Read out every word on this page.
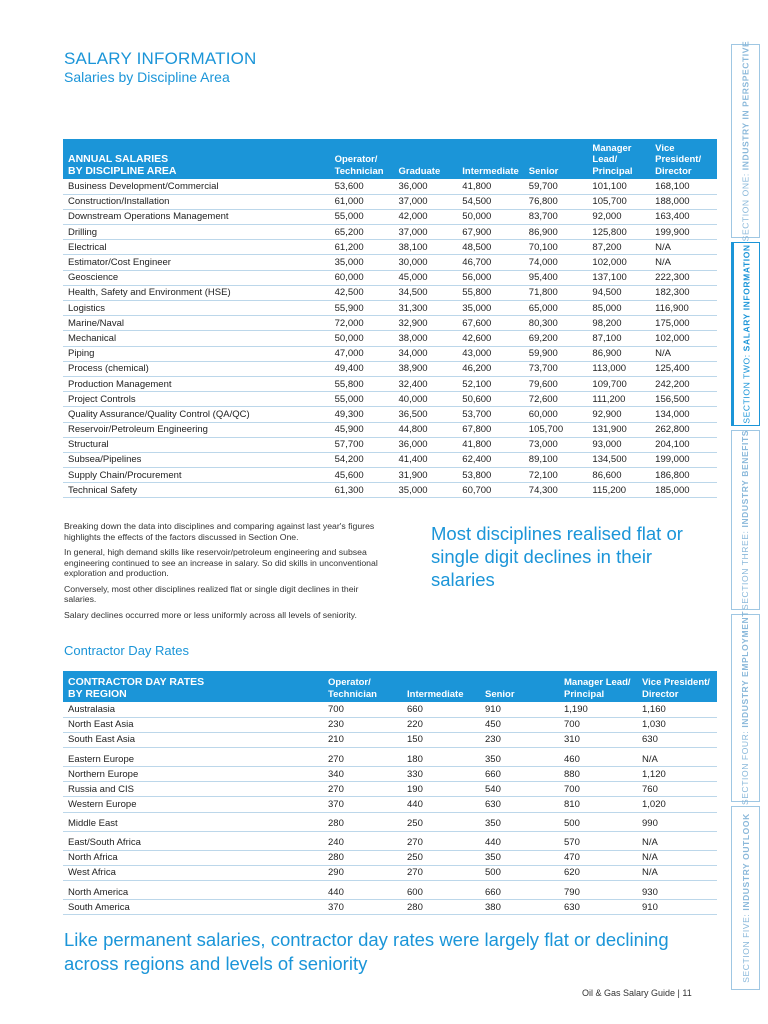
SALARY INFORMATION
Salaries by Discipline Area
ANNUAL SALARIES
BY DISCIPLINE AREA	Operator/
Technician	Graduate	Intermediate	Senior	Manager
Lead/
Principal	Vice
President/
Director
Business Development/Commercial	53,600	36,000	41,800	59,700	101,100	168,100
Construction/Installation	61,000	37,000	54,500	76,800	105,700	188,000
Downstream Operations Management	55,000	42,000	50,000	83,700	92,000	163,400
Drilling	65,200	37,000	67,900	86,900	125,800	199,900
Electrical	61,200	38,100	48,500	70,100	87,200	N/A
Estimator/Cost Engineer	35,000	30,000	46,700	74,000	102,000	N/A
Geoscience	60,000	45,000	56,000	95,400	137,100	222,300
Health, Safety and Environment (HSE)	42,500	34,500	55,800	71,800	94,500	182,300
Logistics	55,900	31,300	35,000	65,000	85,000	116,900
Marine/Naval	72,000	32,900	67,600	80,300	98,200	175,000
Mechanical	50,000	38,000	42,600	69,200	87,100	102,000
Piping	47,000	34,000	43,000	59,900	86,900	N/A
Process (chemical)	49,400	38,900	46,200	73,700	113,000	125,400
Production Management	55,800	32,400	52,100	79,600	109,700	242,200
Project Controls	55,000	40,000	50,600	72,600	111,200	156,500
Quality Assurance/Quality Control (QA/QC)	49,300	36,500	53,700	60,000	92,900	134,000
Reservoir/Petroleum Engineering	45,900	44,800	67,800	105,700	131,900	262,800
Structural	57,700	36,000	41,800	73,000	93,000	204,100
Subsea/Pipelines	54,200	41,400	62,400	89,100	134,500	199,000
Supply Chain/Procurement	45,600	31,900	53,800	72,100	86,600	186,800
Technical Safety	61,300	35,000	60,700	74,300	115,200	185,000

Breaking down the data into disciplines and comparing against last year's figures highlights the effects of the factors discussed in Section One.

In general, high demand skills like reservoir/petroleum engineering and subsea engineering continued to see an increase in salary. So did skills in unconventional exploration and production.

Conversely, most other disciplines realized flat or single digit declines in their salaries.

Salary declines occurred more or less uniformly across all levels of seniority.

Most disciplines realised flat or single digit declines in their salaries
Contractor Day Rates
CONTRACTOR DAY RATES
BY REGION	Operator/
Technician	Intermediate	Senior	Manager Lead/
Principal	Vice President/
Director
Australasia	700	660	910	1,190	1,160
North East Asia	230	220	450	700	1,030
South East Asia	210	150	230	310	630
Eastern Europe	270	180	350	460	N/A
Northern Europe	340	330	660	880	1,120
Russia and CIS	270	190	540	700	760
Western Europe	370	440	630	810	1,020
Middle East	280	250	350	500	990
East/South Africa	240	270	440	570	N/A
North Africa	280	250	350	470	N/A
West Africa	290	270	500	620	N/A
North America	440	600	660	790	930
South America	370	280	380	630	910
Like permanent salaries, contractor day rates were largely flat or declining across regions and levels of seniority
Oil & Gas Salary Guide | 11
SECTION ONE: INDUSTRY IN PERSPECTIVE
SECTION TWO: SALARY INFORMATION
SECTION THREE: INDUSTRY BENEFITS
SECTION FOUR: INDUSTRY EMPLOYMENT
SECTION FIVE: INDUSTRY OUTLOOK
